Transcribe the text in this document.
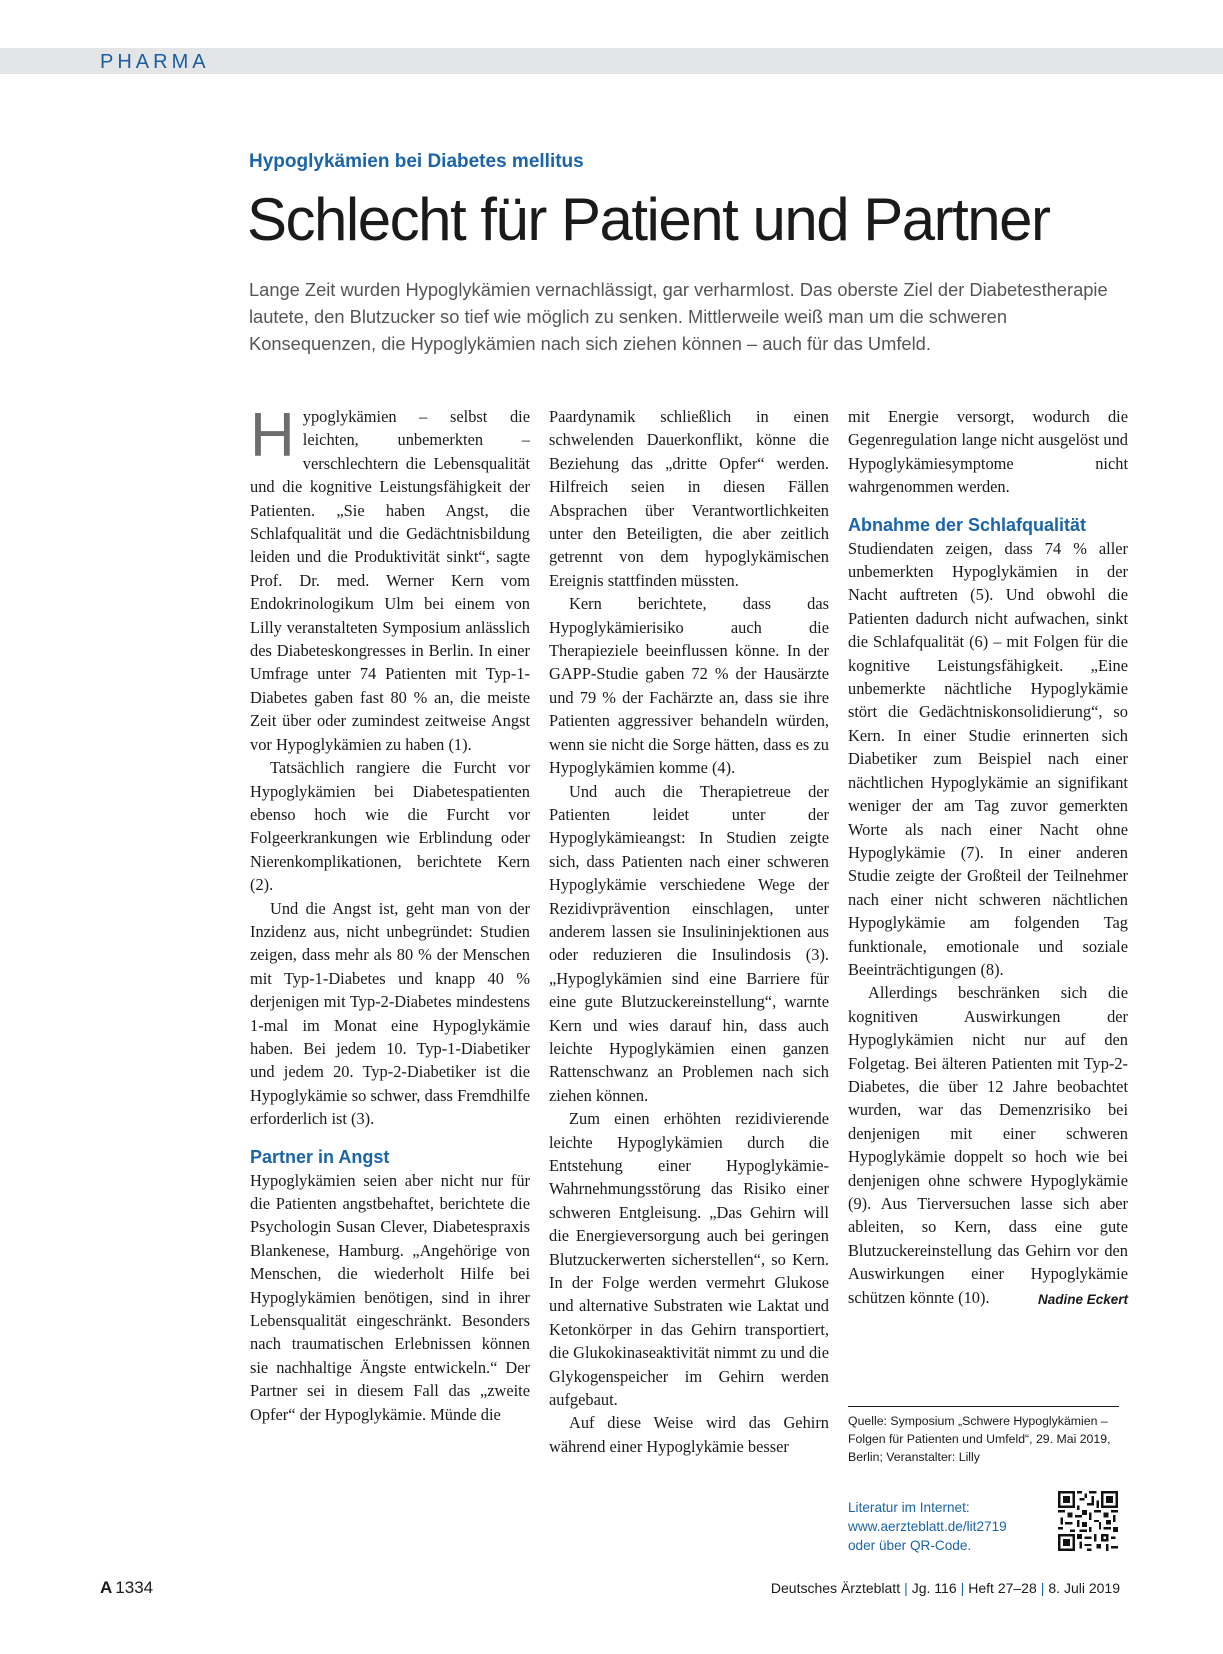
PHARMA
Hypoglykämien bei Diabetes mellitus
Schlecht für Patient und Partner

Lange Zeit wurden Hypoglykämien vernachlässigt, gar verharmlost. Das oberste Ziel der Diabetestherapie lautete, den Blutzucker so tief wie möglich zu senken. Mittlerweile weiß man um die schweren Konsequenzen, die Hypoglykämien nach sich ziehen können – auch für das Umfeld.

Hypoglykämien – selbst die leichten, unbemerkten – verschlechtern die Lebensqualität und die kognitive Leistungsfähigkeit der Patienten. „Sie haben Angst, die Schlafqualität und die Gedächtnisbildung leiden und die Produktivität sinkt“, sagte Prof. Dr. med. Werner Kern vom Endokrinologikum Ulm bei einem von Lilly veranstalteten Symposium anlässlich des Diabeteskongresses in Berlin. In einer Umfrage unter 74 Patienten mit Typ-1-Diabetes gaben fast 80 % an, die meiste Zeit über oder zumindest zeitweise Angst vor Hypoglykämien zu haben (1).

Tatsächlich rangiere die Furcht vor Hypoglykämien bei Diabetespatienten ebenso hoch wie die Furcht vor Folgeerkrankungen wie Erblindung oder Nierenkomplikationen, berichtete Kern (2).

Und die Angst ist, geht man von der Inzidenz aus, nicht unbegründet: Studien zeigen, dass mehr als 80 % der Menschen mit Typ-1-Diabetes und knapp 40 % derjenigen mit Typ-2-Diabetes mindestens 1-mal im Monat eine Hypoglykämie haben. Bei jedem 10. Typ-1-Diabetiker und jedem 20. Typ-2-Diabetiker ist die Hypoglykämie so schwer, dass Fremdhilfe erforderlich ist (3).

Partner in Angst

Hypoglykämien seien aber nicht nur für die Patienten angstbehaftet, berichtete die Psychologin Susan Clever, Diabetespraxis Blankenese, Hamburg. „Angehörige von Menschen, die wiederholt Hilfe bei Hypoglykämien benötigen, sind in ihrer Lebensqualität eingeschränkt. Besonders nach traumatischen Erlebnissen können sie nachhaltige Ängste entwickeln.“ Der Partner sei in diesem Fall das „zweite Opfer“ der Hypoglykämie. Münde die

Paardynamik schließlich in einen schwelenden Dauerkonflikt, könne die Beziehung das „dritte Opfer“ werden. Hilfreich seien in diesen Fällen Absprachen über Verantwortlichkeiten unter den Beteiligten, die aber zeitlich getrennt von dem hypoglykämischen Ereignis stattfinden müssten.

Kern berichtete, dass das Hypoglykämierisiko auch die Therapieziele beeinflussen könne. In der GAPP-Studie gaben 72 % der Hausärzte und 79 % der Fachärzte an, dass sie ihre Patienten aggressiver behandeln würden, wenn sie nicht die Sorge hätten, dass es zu Hypoglykämien komme (4).

Und auch die Therapietreue der Patienten leidet unter der Hypoglykämieangst: In Studien zeigte sich, dass Patienten nach einer schweren Hypoglykämie verschiedene Wege der Rezidivprävention einschlagen, unter anderem lassen sie Insulininjektionen aus oder reduzieren die Insulindosis (3). „Hypoglykämien sind eine Barriere für eine gute Blutzuckereinstellung“, warnte Kern und wies darauf hin, dass auch leichte Hypoglykämien einen ganzen Rattenschwanz an Problemen nach sich ziehen können.

Zum einen erhöhten rezidivierende leichte Hypoglykämien durch die Entstehung einer Hypoglykämie-Wahrnehmungsstörung das Risiko einer schweren Entgleisung. „Das Gehirn will die Energieversorgung auch bei geringen Blutzuckerwerten sicherstellen“, so Kern. In der Folge werden vermehrt Glukose und alternative Substraten wie Laktat und Ketonkörper in das Gehirn transportiert, die Glukokinaseaktivität nimmt zu und die Glykogenspeicher im Gehirn werden aufgebaut.

Auf diese Weise wird das Gehirn während einer Hypoglykämie besser

mit Energie versorgt, wodurch die Gegenregulation lange nicht ausgelöst und Hypoglykämiesymptome nicht wahrgenommen werden.

Abnahme der Schlafqualität

Studiendaten zeigen, dass 74 % aller unbemerkten Hypoglykämien in der Nacht auftreten (5). Und obwohl die Patienten dadurch nicht aufwachen, sinkt die Schlafqualität (6) – mit Folgen für die kognitive Leistungsfähigkeit. „Eine unbemerkte nächtliche Hypoglykämie stört die Gedächtniskonsolidierung“, so Kern. In einer Studie erinnerten sich Diabetiker zum Beispiel nach einer nächtlichen Hypoglykämie an signifikant weniger der am Tag zuvor gemerkten Worte als nach einer Nacht ohne Hypoglykämie (7). In einer anderen Studie zeigte der Großteil der Teilnehmer nach einer nicht schweren nächtlichen Hypoglykämie am folgenden Tag funktionale, emotionale und soziale Beeinträchtigungen (8).

Allerdings beschränken sich die kognitiven Auswirkungen der Hypoglykämien nicht nur auf den Folgetag. Bei älteren Patienten mit Typ-2-Diabetes, die über 12 Jahre beobachtet wurden, war das Demenzrisiko bei denjenigen mit einer schweren Hypoglykämie doppelt so hoch wie bei denjenigen ohne schwere Hypoglykämie (9). Aus Tierversuchen lasse sich aber ableiten, so Kern, dass eine gute Blutzuckereinstellung das Gehirn vor den Auswirkungen einer Hypoglykämie schützen könnte (10).	Nadine Eckert

Quelle: Symposium „Schwere Hypoglykämien – Folgen für Patienten und Umfeld“, 29. Mai 2019, Berlin; Veranstalter: Lilly

Literatur im Internet:
www.aerzteblatt.de/lit2719
oder über QR-Code.

A 1334	Deutsches Ärzteblatt | Jg. 116 | Heft 27–28 | 8. Juli 2019
